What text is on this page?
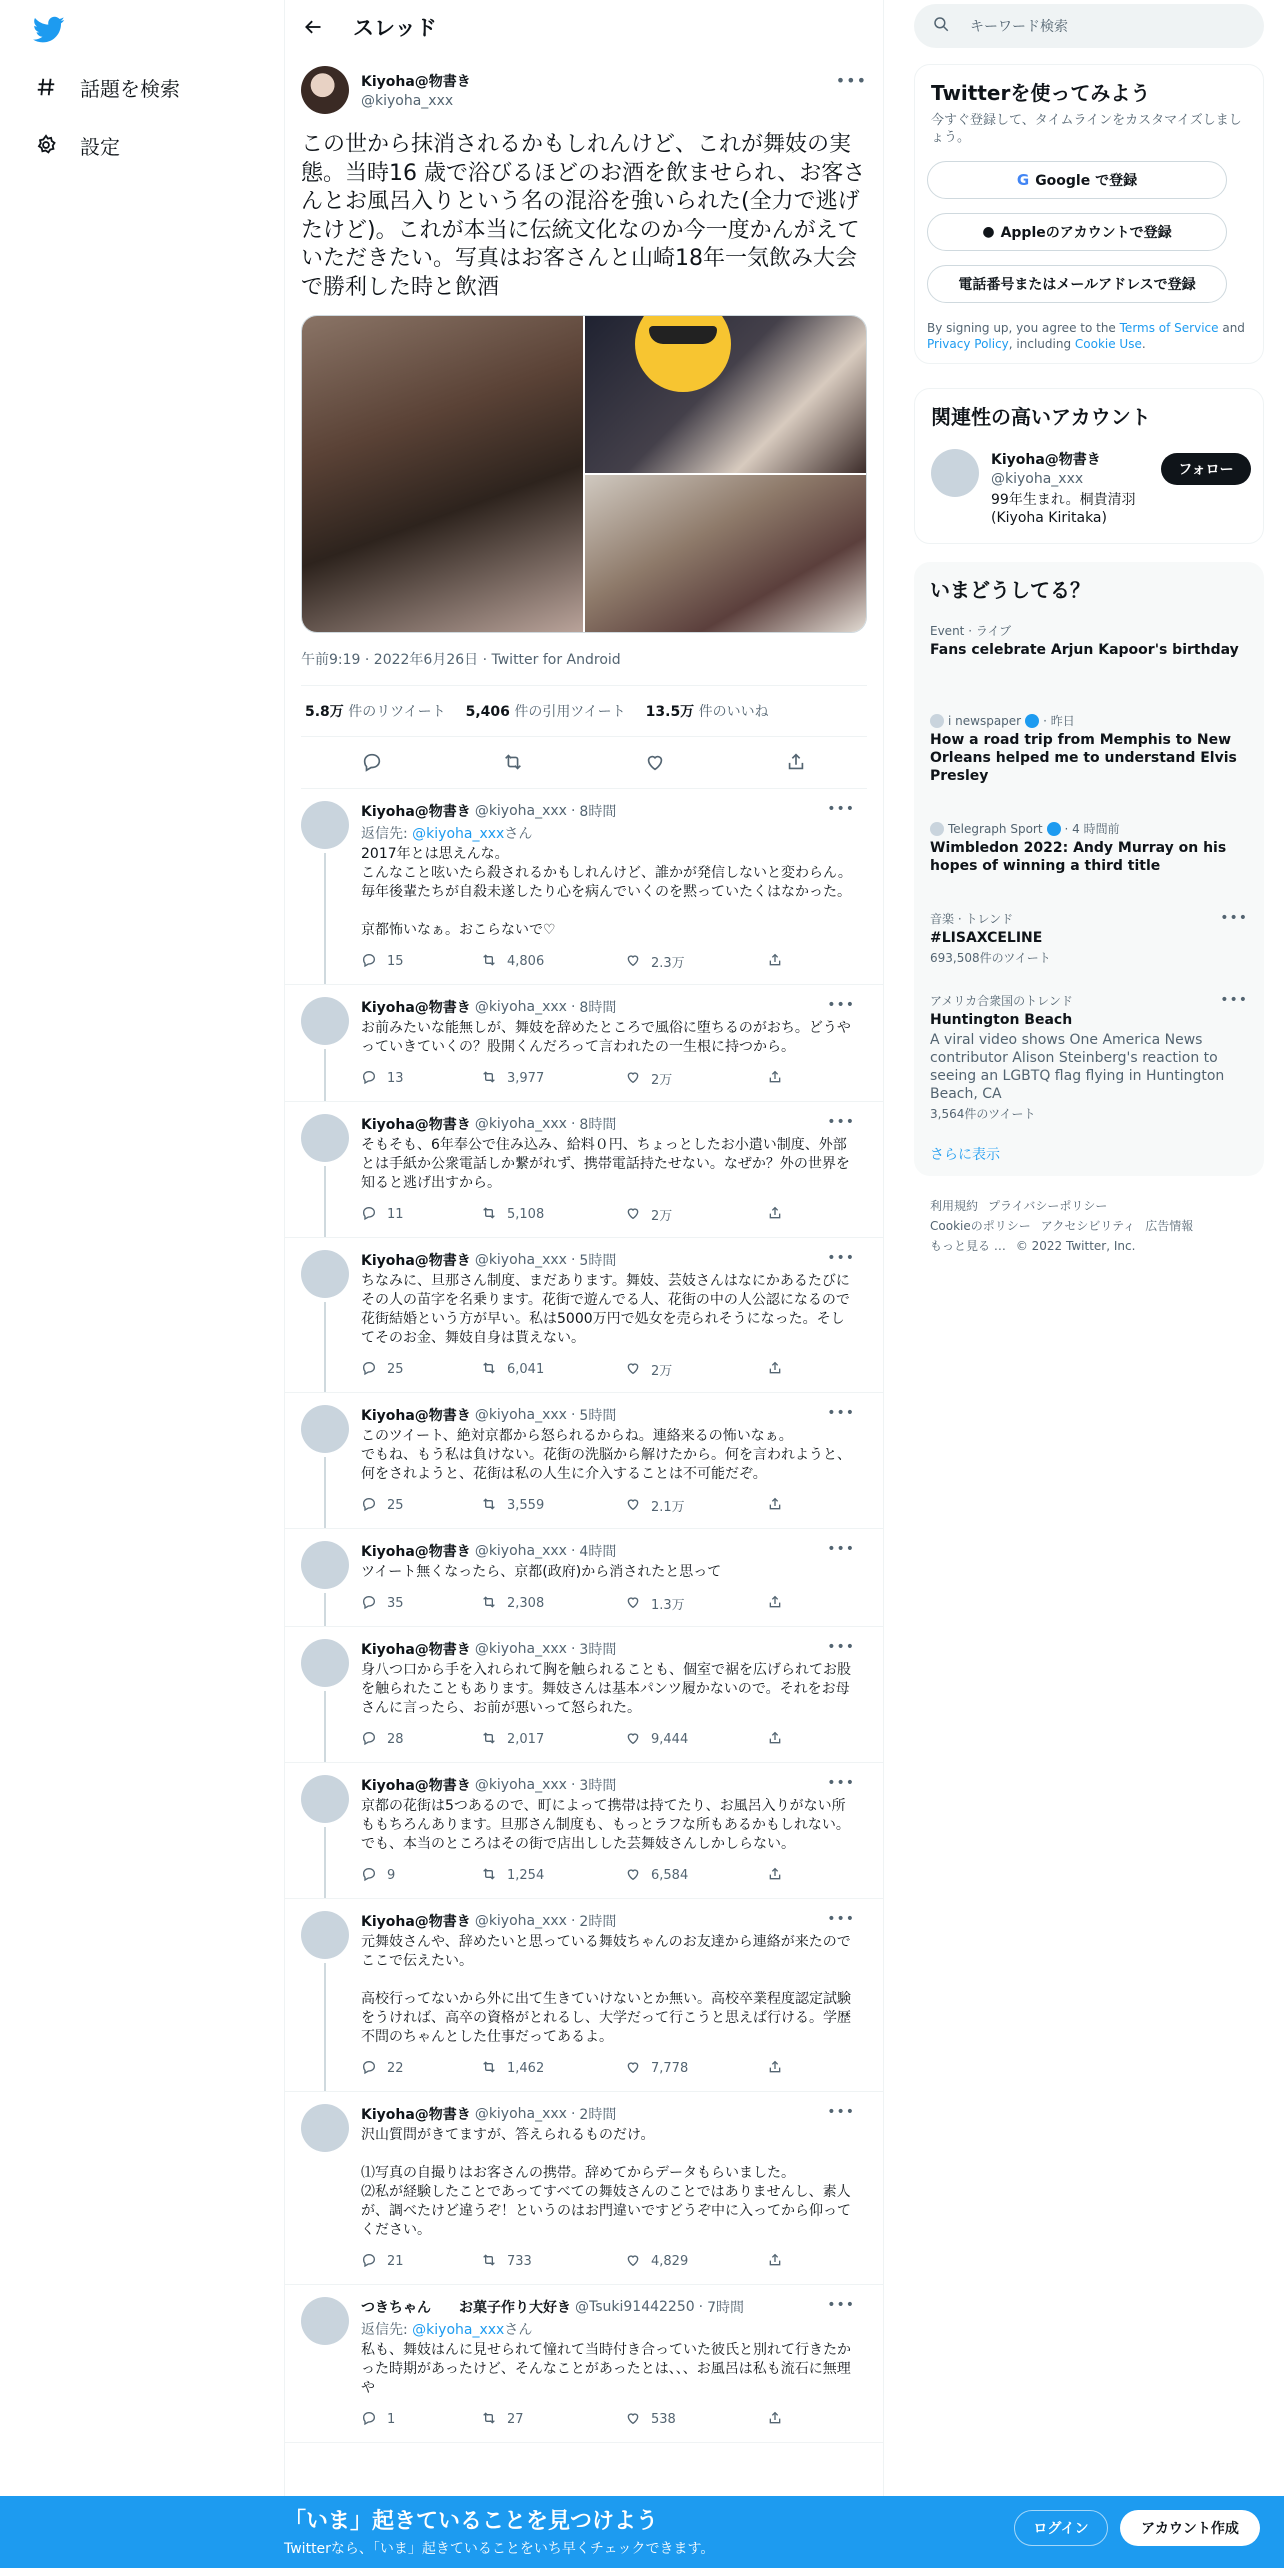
話題を検索
設定
スレッド
Kiyoha@物書き
@kiyoha_xxx
•••
この世から抹消されるかもしれんけど、これが舞妓の実態。当時16 歳で浴びるほどのお酒を飲ませられ、お客さんとお風呂入りという名の混浴を強いられた(全力で逃げたけど)。これが本当に伝統文化なのか今一度かんがえていただきたい。写真はお客さんと山崎18年一気飲み大会で勝利した時と飲酒
午前9:19 · 2022年6月26日 · Twitter for Android
5.8万 件のリツイート 5,406 件の引用ツイート 13.5万 件のいいね
Kiyoha@物書き @kiyoha_xxx · 8時間	•••
返信先: @kiyoha_xxxさん
2017年とは思えんな。
こんなこと呟いたら殺されるかもしれんけど、誰かが発信しないと変わらん。毎年後輩たちが自殺未遂したり心を病んでいくのを黙っていたくはなかった。

京都怖いなぁ。おこらないで♡
15	4,806	2.3万
Kiyoha@物書き @kiyoha_xxx · 8時間	•••
お前みたいな能無しが、舞妓を辞めたところで風俗に堕ちるのがおち。どうやっていきていくの？股開くんだろって言われたの一生根に持つから。
13	3,977	2万
Kiyoha@物書き @kiyoha_xxx · 8時間	•••
そもそも、6年奉公で住み込み、給料０円、ちょっとしたお小遣い制度、外部とは手紙か公衆電話しか繋がれず、携帯電話持たせない。なぜか？外の世界を知ると逃げ出すから。
11	5,108	2万
Kiyoha@物書き @kiyoha_xxx · 5時間	•••
ちなみに、旦那さん制度、まだあります。舞妓、芸妓さんはなにかあるたびにその人の苗字を名乗ります。花街で遊んでる人、花街の中の人公認になるので花街結婚という方が早い。私は5000万円で処女を売られそうになった。そしてそのお金、舞妓自身は貰えない。
25	6,041	2万
Kiyoha@物書き @kiyoha_xxx · 5時間	•••
このツイート、絶対京都から怒られるからね。連絡来るの怖いなぁ。
でもね、もう私は負けない。花街の洗脳から解けたから。何を言われようと、何をされようと、花街は私の人生に介入することは不可能だぞ。
25	3,559	2.1万
Kiyoha@物書き @kiyoha_xxx · 4時間	•••
ツイート無くなったら、京都(政府)から消されたと思って
35	2,308	1.3万
Kiyoha@物書き @kiyoha_xxx · 3時間	•••
身八つ口から手を入れられて胸を触られることも、個室で裾を広げられてお股を触られたこともあります。舞妓さんは基本パンツ履かないので。それをお母さんに言ったら、お前が悪いって怒られた。
28	2,017	9,444
Kiyoha@物書き @kiyoha_xxx · 3時間	•••
京都の花街は5つあるので、町によって携帯は持てたり、お風呂入りがない所ももちろんあります。旦那さん制度も、もっとラフな所もあるかもしれない。でも、本当のところはその街で店出しした芸舞妓さんしかしらない。
9	1,254	6,584
Kiyoha@物書き @kiyoha_xxx · 2時間	•••
元舞妓さんや、辞めたいと思っている舞妓ちゃんのお友達から連絡が来たのでここで伝えたい。

高校行ってないから外に出て生きていけないとか無い。高校卒業程度認定試験をうければ、高卒の資格がとれるし、大学だって行こうと思えば行ける。学歴不問のちゃんとした仕事だってあるよ。
22	1,462	7,778
Kiyoha@物書き @kiyoha_xxx · 2時間	•••
沢山質問がきてますが、答えられるものだけ。

⑴写真の自撮りはお客さんの携帯。辞めてからデータもらいました。
⑵私が経験したことであってすべての舞妓さんのことではありませんし、素人が、調べたけど違うぞ！というのはお門違いですどうぞ中に入ってから仰ってください。
21	733	4,829
つきちゃん　　お菓子作り大好き @Tsuki91442250 · 7時間	•••
返信先: @kiyoha_xxxさん
私も、舞妓はんに見せられて憧れて当時付き合っていた彼氏と別れて行きたかった時期があったけど、そんなことがあったとは、、、お風呂は私も流石に無理　 や
1	27	538
キーワード検索
Twitterを使ってみよう
今すぐ登録して、タイムラインをカスタマイズしましょう。
G Google で登録
● Appleのアカウントで登録
電話番号またはメールアドレスで登録
By signing up, you agree to the Terms of Service and Privacy Policy, including Cookie Use.
関連性の高いアカウント
Kiyoha@物書き
@kiyoha_xxx
99年生まれ。桐貴清羽(Kiyoha Kiritaka)
フォロー
いまどうしてる？
Event · ライブ
Fans celebrate Arjun Kapoor's birthday
i newspaper · 昨日
How a road trip from Memphis to New Orleans helped me to understand Elvis Presley
Telegraph Sport · 4 時間前
Wimbledon 2022: Andy Murray on his hopes of winning a third title
音楽 · トレンド
#LISAXCELINE
693,508件のツイート
•••
アメリカ合衆国のトレンド
Huntington Beach
A viral video shows One America News contributor Alison Steinberg's reaction to seeing an LGBTQ flag flying in Huntington Beach, CA
3,564件のツイート
•••
さらに表示
利用規約 プライバシーポリシー
Cookieのポリシー アクセシビリティ 広告情報
もっと見る … © 2022 Twitter, Inc.
「いま」起きていることを見つけよう
Twitterなら、「いま」起きていることをいち早くチェックできます。
ログイン	アカウント作成
